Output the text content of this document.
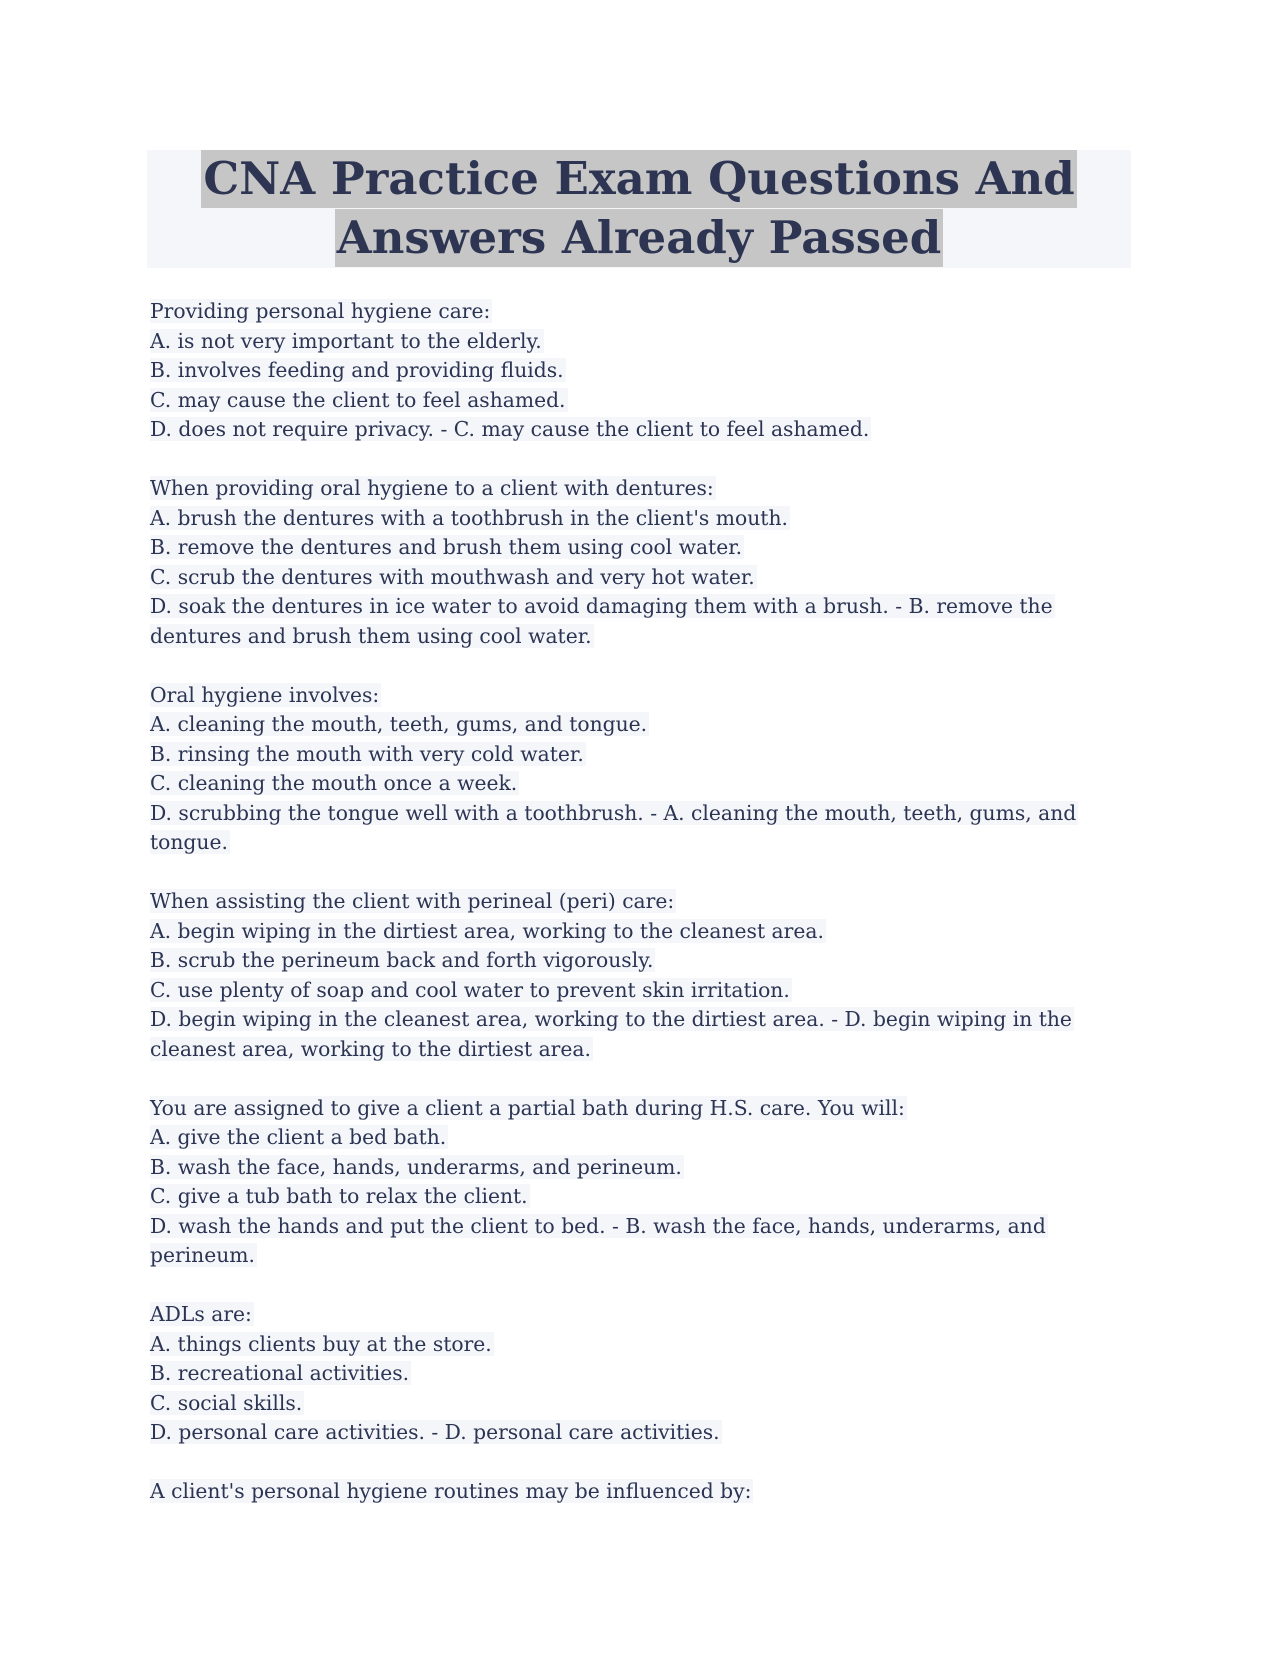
CNA Practice Exam Questions And
Answers Already Passed
Providing personal hygiene care:
A. is not very important to the elderly.
B. involves feeding and providing fluids.
C. may cause the client to feel ashamed.
D. does not require privacy. - C. may cause the client to feel ashamed.
When providing oral hygiene to a client with dentures:
A. brush the dentures with a toothbrush in the client's mouth.
B. remove the dentures and brush them using cool water.
C. scrub the dentures with mouthwash and very hot water.
D. soak the dentures in ice water to avoid damaging them with a brush. - B. remove the
dentures and brush them using cool water.
Oral hygiene involves:
A. cleaning the mouth, teeth, gums, and tongue.
B. rinsing the mouth with very cold water.
C. cleaning the mouth once a week.
D. scrubbing the tongue well with a toothbrush. - A. cleaning the mouth, teeth, gums, and
tongue.
When assisting the client with perineal (peri) care:
A. begin wiping in the dirtiest area, working to the cleanest area.
B. scrub the perineum back and forth vigorously.
C. use plenty of soap and cool water to prevent skin irritation.
D. begin wiping in the cleanest area, working to the dirtiest area. - D. begin wiping in the
cleanest area, working to the dirtiest area.
You are assigned to give a client a partial bath during H.S. care. You will:
A. give the client a bed bath.
B. wash the face, hands, underarms, and perineum.
C. give a tub bath to relax the client.
D. wash the hands and put the client to bed. - B. wash the face, hands, underarms, and
perineum.
ADLs are:
A. things clients buy at the store.
B. recreational activities.
C. social skills.
D. personal care activities. - D. personal care activities.
A client's personal hygiene routines may be influenced by:
